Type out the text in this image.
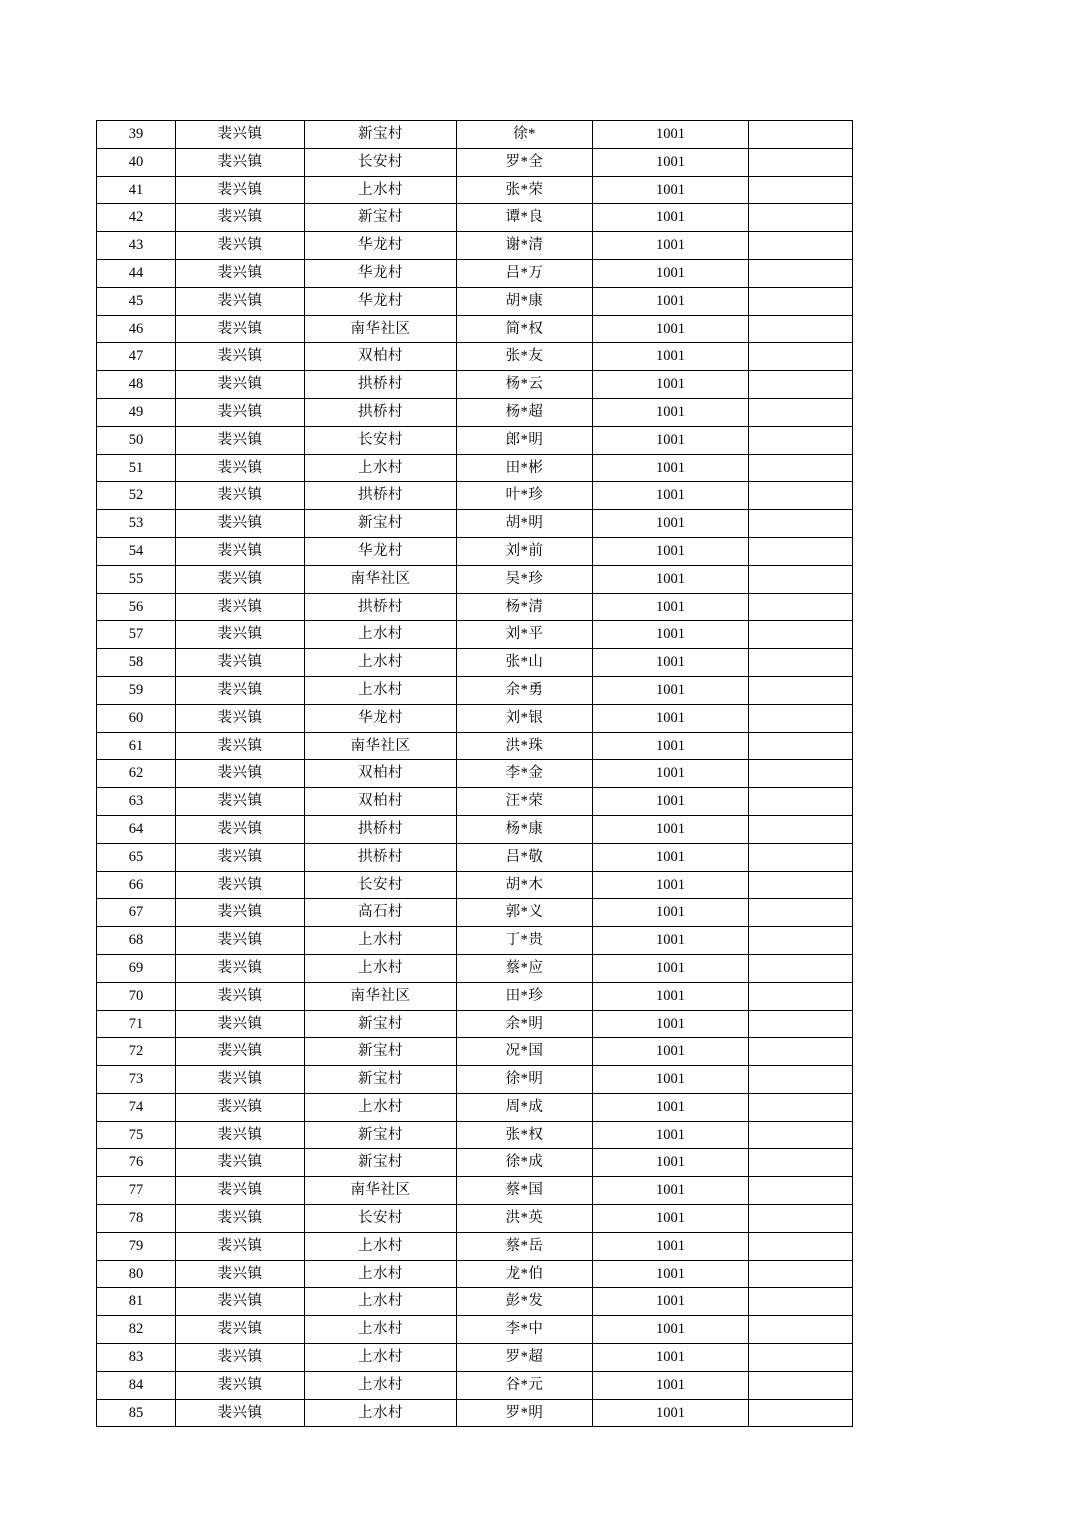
39	裴兴镇	新宝村	徐*	1001	
40	裴兴镇	长安村	罗*全	1001	
41	裴兴镇	上水村	张*荣	1001	
42	裴兴镇	新宝村	谭*良	1001	
43	裴兴镇	华龙村	谢*清	1001	
44	裴兴镇	华龙村	吕*万	1001	
45	裴兴镇	华龙村	胡*康	1001	
46	裴兴镇	南华社区	简*权	1001	
47	裴兴镇	双柏村	张*友	1001	
48	裴兴镇	拱桥村	杨*云	1001	
49	裴兴镇	拱桥村	杨*超	1001	
50	裴兴镇	长安村	郎*明	1001	
51	裴兴镇	上水村	田*彬	1001	
52	裴兴镇	拱桥村	叶*珍	1001	
53	裴兴镇	新宝村	胡*明	1001	
54	裴兴镇	华龙村	刘*前	1001	
55	裴兴镇	南华社区	吴*珍	1001	
56	裴兴镇	拱桥村	杨*清	1001	
57	裴兴镇	上水村	刘*平	1001	
58	裴兴镇	上水村	张*山	1001	
59	裴兴镇	上水村	余*勇	1001	
60	裴兴镇	华龙村	刘*银	1001	
61	裴兴镇	南华社区	洪*珠	1001	
62	裴兴镇	双柏村	李*金	1001	
63	裴兴镇	双柏村	汪*荣	1001	
64	裴兴镇	拱桥村	杨*康	1001	
65	裴兴镇	拱桥村	吕*敬	1001	
66	裴兴镇	长安村	胡*木	1001	
67	裴兴镇	高石村	郭*义	1001	
68	裴兴镇	上水村	丁*贵	1001	
69	裴兴镇	上水村	蔡*应	1001	
70	裴兴镇	南华社区	田*珍	1001	
71	裴兴镇	新宝村	余*明	1001	
72	裴兴镇	新宝村	况*国	1001	
73	裴兴镇	新宝村	徐*明	1001	
74	裴兴镇	上水村	周*成	1001	
75	裴兴镇	新宝村	张*权	1001	
76	裴兴镇	新宝村	徐*成	1001	
77	裴兴镇	南华社区	蔡*国	1001	
78	裴兴镇	长安村	洪*英	1001	
79	裴兴镇	上水村	蔡*岳	1001	
80	裴兴镇	上水村	龙*伯	1001	
81	裴兴镇	上水村	彭*发	1001	
82	裴兴镇	上水村	李*中	1001	
83	裴兴镇	上水村	罗*超	1001	
84	裴兴镇	上水村	谷*元	1001	
85	裴兴镇	上水村	罗*明	1001	
